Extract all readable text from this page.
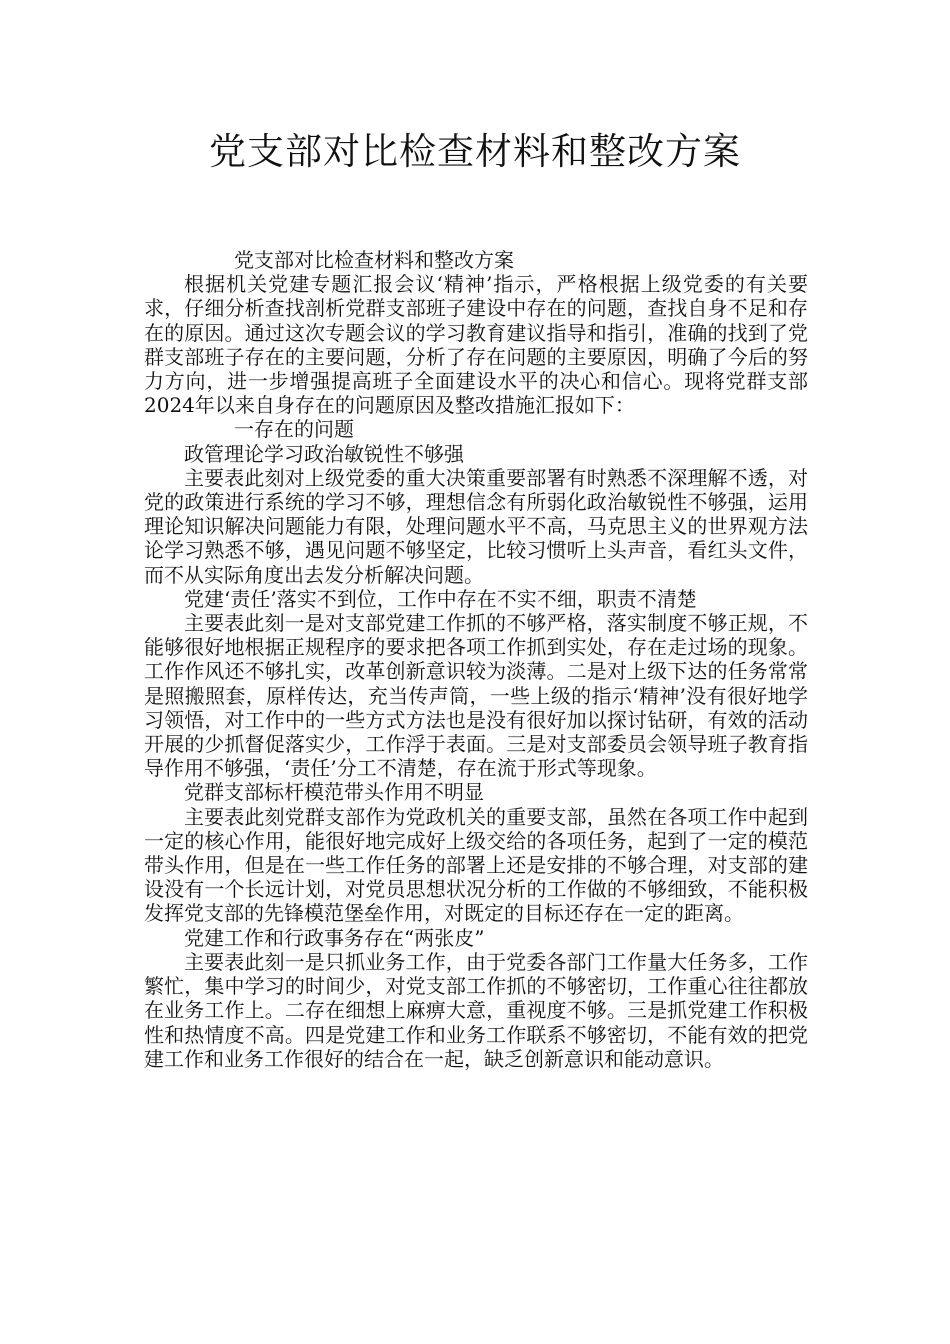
党支部对比检查材料和整改方案

党支部对比检查材料和整改方案

根据机关党建专题汇报会议‘精神’指示，严格根据上级党委的有关要求，仔细分析查找剖析党群支部班子建设中存在的问题，查找自身不足和存在的原因。通过这次专题会议的学习教育建议指导和指引，准确的找到了党群支部班子存在的主要问题，分析了存在问题的主要原因，明确了今后的努力方向，进一步增强提高班子全面建设水平的决心和信心。现将党群支部2024年以来自身存在的问题原因及整改措施汇报如下：

一存在的问题

政管理论学习政治敏锐性不够强

主要表此刻对上级党委的重大决策重要部署有时熟悉不深理解不透，对党的政策进行系统的学习不够，理想信念有所弱化政治敏锐性不够强，运用理论知识解决问题能力有限，处理问题水平不高，马克思主义的世界观方法论学习熟悉不够，遇见问题不够坚定，比较习惯听上头声音，看红头文件，而不从实际角度出去发分析解决问题。

党建‘责任’落实不到位，工作中存在不实不细，职责不清楚

主要表此刻一是对支部党建工作抓的不够严格，落实制度不够正规，不能够很好地根据正规程序的要求把各项工作抓到实处，存在走过场的现象。工作作风还不够扎实，改革创新意识较为淡薄。二是对上级下达的任务常常是照搬照套，原样传达，充当传声筒，一些上级的指示‘精神’没有很好地学习领悟，对工作中的一些方式方法也是没有很好加以探讨钻研，有效的活动开展的少抓督促落实少，工作浮于表面。三是对支部委员会领导班子教育指导作用不够强，‘责任’分工不清楚，存在流于形式等现象。

党群支部标杆模范带头作用不明显

主要表此刻党群支部作为党政机关的重要支部，虽然在各项工作中起到一定的核心作用，能很好地完成好上级交给的各项任务，起到了一定的模范带头作用，但是在一些工作任务的部署上还是安排的不够合理，对支部的建设没有一个长远计划，对党员思想状况分析的工作做的不够细致，不能积极发挥党支部的先锋模范堡垒作用，对既定的目标还存在一定的距离。

党建工作和行政事务存在“两张皮”

主要表此刻一是只抓业务工作，由于党委各部门工作量大任务多，工作繁忙，集中学习的时间少，对党支部工作抓的不够密切，工作重心往往都放在业务工作上。二存在细想上麻痹大意，重视度不够。三是抓党建工作积极性和热情度不高。四是党建工作和业务工作联系不够密切，不能有效的把党建工作和业务工作很好的结合在一起，缺乏创新意识和能动意识。
